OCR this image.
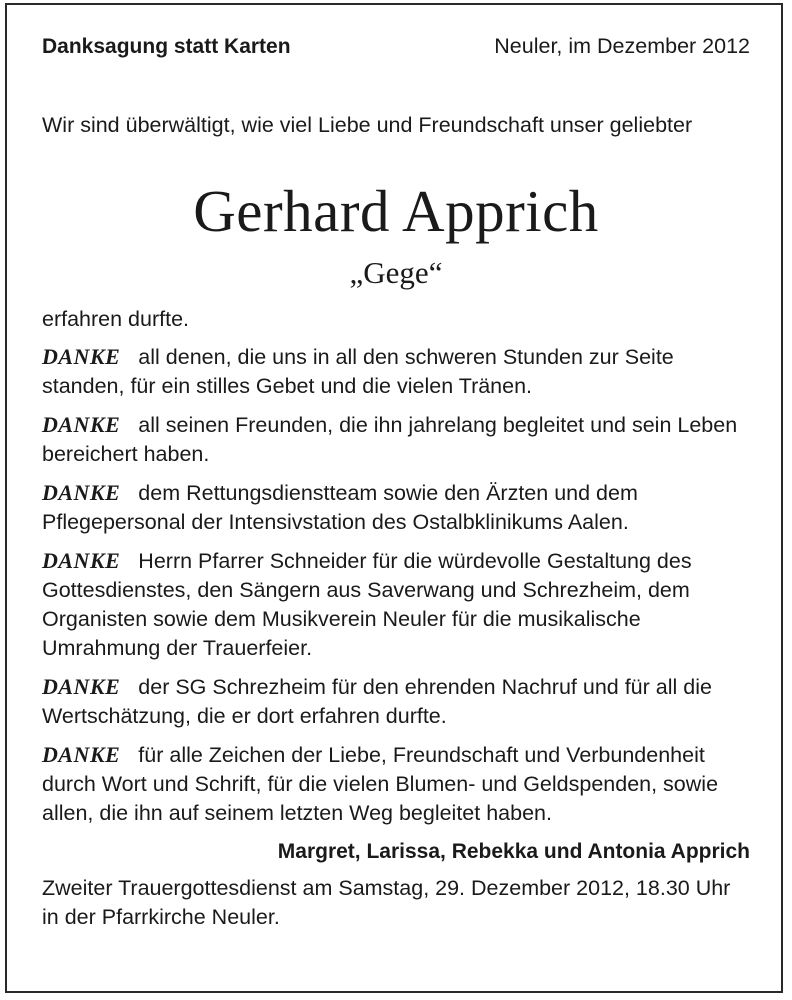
Danksagung statt Karten	Neuler, im Dezember 2012
Wir sind überwältigt, wie viel Liebe und Freundschaft unser geliebter
Gerhard Apprich
„Gege“

erfahren durfte.

DANKE all denen, die uns in all den schweren Stunden zur Seite standen, für ein stilles Gebet und die vielen Tränen.

DANKE all seinen Freunden, die ihn jahrelang begleitet und sein Leben bereichert haben.

DANKE dem Rettungsdienstteam sowie den Ärzten und dem Pflegepersonal der Intensivstation des Ostalbklinikums Aalen.

DANKE Herrn Pfarrer Schneider für die würdevolle Gestaltung des Gottesdienstes, den Sängern aus Saverwang und Schrezheim, dem Organisten sowie dem Musikverein Neuler für die musikalische Umrahmung der Trauerfeier.

DANKE der SG Schrezheim für den ehrenden Nachruf und für all die Wertschätzung, die er dort erfahren durfte.

DANKE für alle Zeichen der Liebe, Freundschaft und Verbundenheit durch Wort und Schrift, für die vielen Blumen- und Geldspenden, sowie allen, die ihn auf seinem letzten Weg begleitet haben.

Margret, Larissa, Rebekka und Antonia Apprich

Zweiter Trauergottesdienst am Samstag, 29. Dezember 2012, 18.30 Uhr in der Pfarrkirche Neuler.
